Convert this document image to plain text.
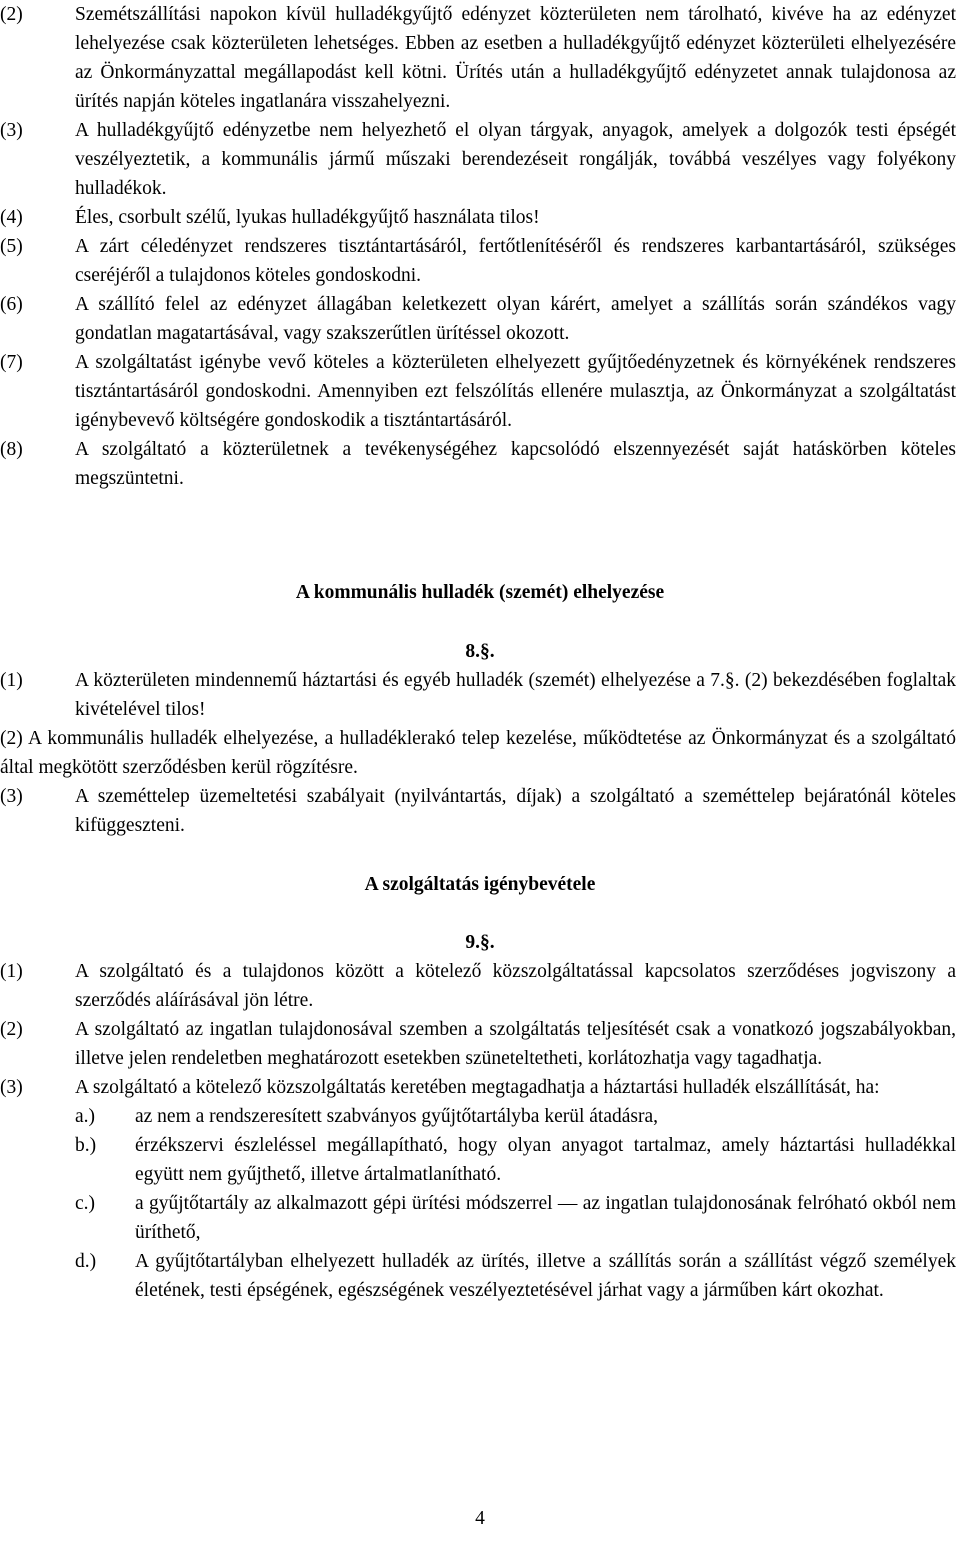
(2)	Szemétszállítási napokon kívül hulladékgyűjtő edényzet közterületen nem tárolható, kivéve ha az edényzet lehelyezése csak közterületen lehetséges. Ebben az esetben a hulladékgyűjtő edényzet közterületi elhelyezésére az Önkormányzattal megállapodást kell kötni. Ürítés után a hulladékgyűjtő edényzetet annak tulajdonosa az ürítés napján köteles ingatlanára visszahelyezni.
(3)	A hulladékgyűjtő edényzetbe nem helyezhető el olyan tárgyak, anyagok, amelyek a dolgozók testi épségét veszélyeztetik, a kommunális jármű műszaki berendezéseit rongálják, továbbá veszélyes vagy folyékony hulladékok.
(4)	Éles, csorbult szélű, lyukas hulladékgyűjtő használata tilos!
(5)	A zárt céledényzet rendszeres tisztántartásáról, fertőtlenítéséről és rendszeres karbantartásáról, szükséges cseréjéről a tulajdonos köteles gondoskodni.
(6)	A szállító felel az edényzet állagában keletkezett olyan kárért, amelyet a szállítás során szándékos vagy gondatlan magatartásával, vagy szakszerűtlen ürítéssel okozott.
(7)	A szolgáltatást igénybe vevő köteles a közterületen elhelyezett gyűjtőedényzetnek és környékének rendszeres tisztántartásáról gondoskodni. Amennyiben ezt felszólítás ellenére mulasztja, az Önkormányzat a szolgáltatást igénybevevő költségére gondoskodik a tisztántartásáról.
(8)	A szolgáltató a közterületnek a tevékenységéhez kapcsolódó elszennyezését saját hatáskörben köteles megszüntetni.
A kommunális hulladék (szemét) elhelyezése
8.§.
(1)	A közterületen mindennemű háztartási és egyéb hulladék (szemét) elhelyezése a 7.§. (2) bekezdésében foglaltak kivételével tilos!
(2) A kommunális hulladék elhelyezése, a hulladéklerakó telep kezelése, működtetése az Önkormányzat és a szolgáltató által megkötött szerződésben kerül rögzítésre.
(3)	A szeméttelep üzemeltetési szabályait (nyilvántartás, díjak) a szolgáltató a szeméttelep bejáratónál köteles kifüggeszteni.
A szolgáltatás igénybevétele
9.§.
(1)	A szolgáltató és a tulajdonos között a kötelező közszolgáltatással kapcsolatos szerződéses jogviszony a szerződés aláírásával jön létre.
(2)	A szolgáltató az ingatlan tulajdonosával szemben a szolgáltatás teljesítését csak a vonatkozó jogszabályokban, illetve jelen rendeletben meghatározott esetekben szüneteltetheti, korlátozhatja vagy tagadhatja.
(3)	A szolgáltató a kötelező közszolgáltatás keretében megtagadhatja a háztartási hulladék elszállítását, ha:
a.) az nem a rendszeresített szabványos gyűjtőtartályba kerül átadásra,
b.) érzékszervi észleléssel megállapítható, hogy olyan anyagot tartalmaz, amely háztartási hulladékkal együtt nem gyűjthető, illetve ártalmatlanítható.
c.) a gyűjtőtartály az alkalmazott gépi ürítési módszerrel — az ingatlan tulajdonosának felróható okból nem üríthető,
d.) A gyűjtőtartályban elhelyezett hulladék az ürítés, illetve a szállítás során a szállítást végző személyek életének, testi épségének, egészségének veszélyeztetésével járhat vagy a járműben kárt okozhat.
4
